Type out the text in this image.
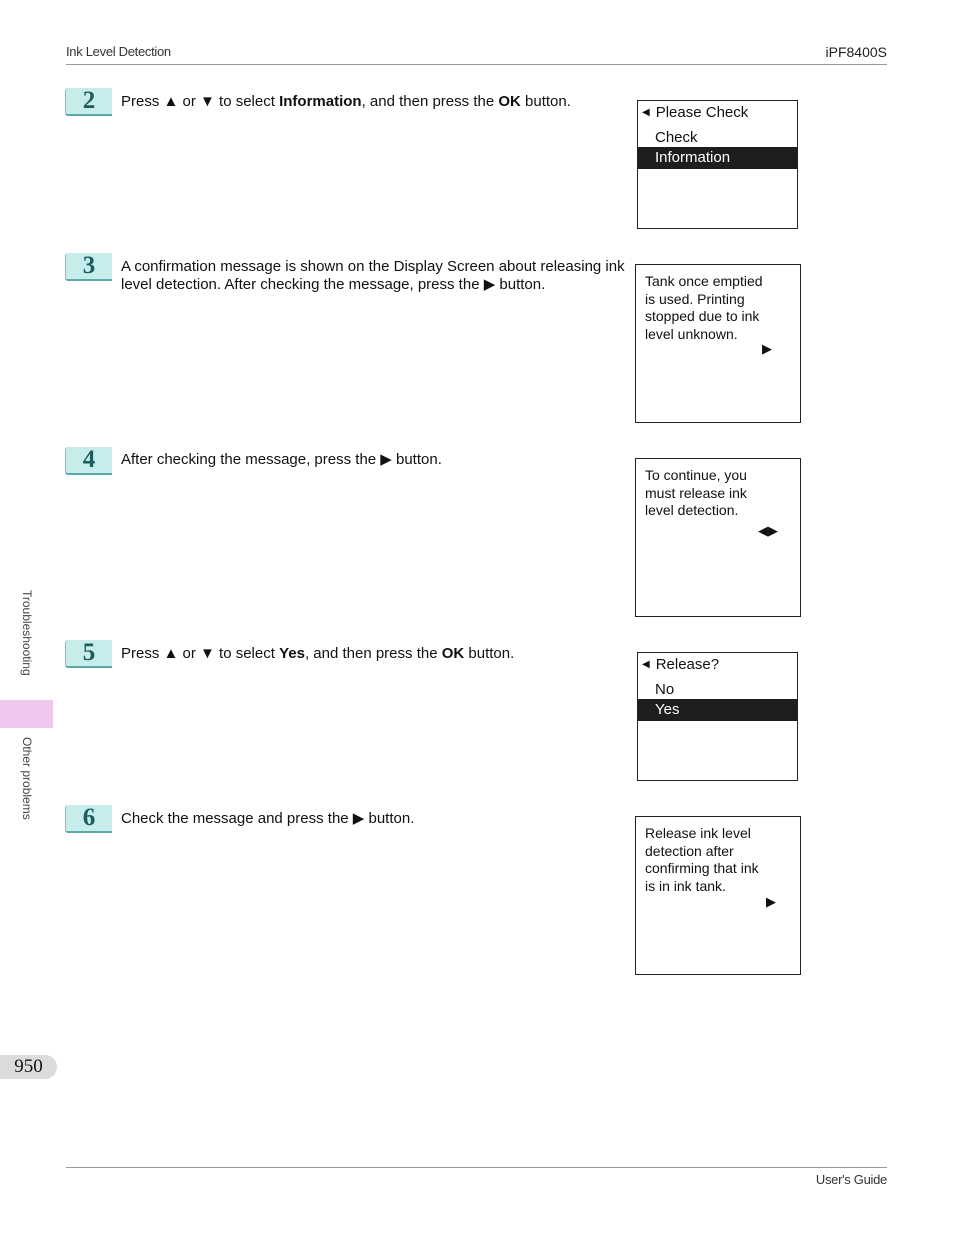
Ink Level Detection	iPF8400S
Troubleshooting
Other problems
950
User's Guide
2	Press ▲ or ▼ to select Information, and then press the OK button.
◀ Please Check
Check
Information
3	A confirmation message is shown on the Display Screen about releasing ink level detection. After checking the message, press the ▶ button.	Tank once emptied
is used. Printing
stopped due to ink
level unknown.
▶
4	After checking the message, press the ▶ button.
To continue, you
must release ink
level detection.
◀▶
5	Press ▲ or ▼ to select Yes, and then press the OK button.
◀ Release?
No
Yes
6	Check the message and press the ▶ button.
Release ink level
detection after
confirming that ink
is in ink tank.
▶
